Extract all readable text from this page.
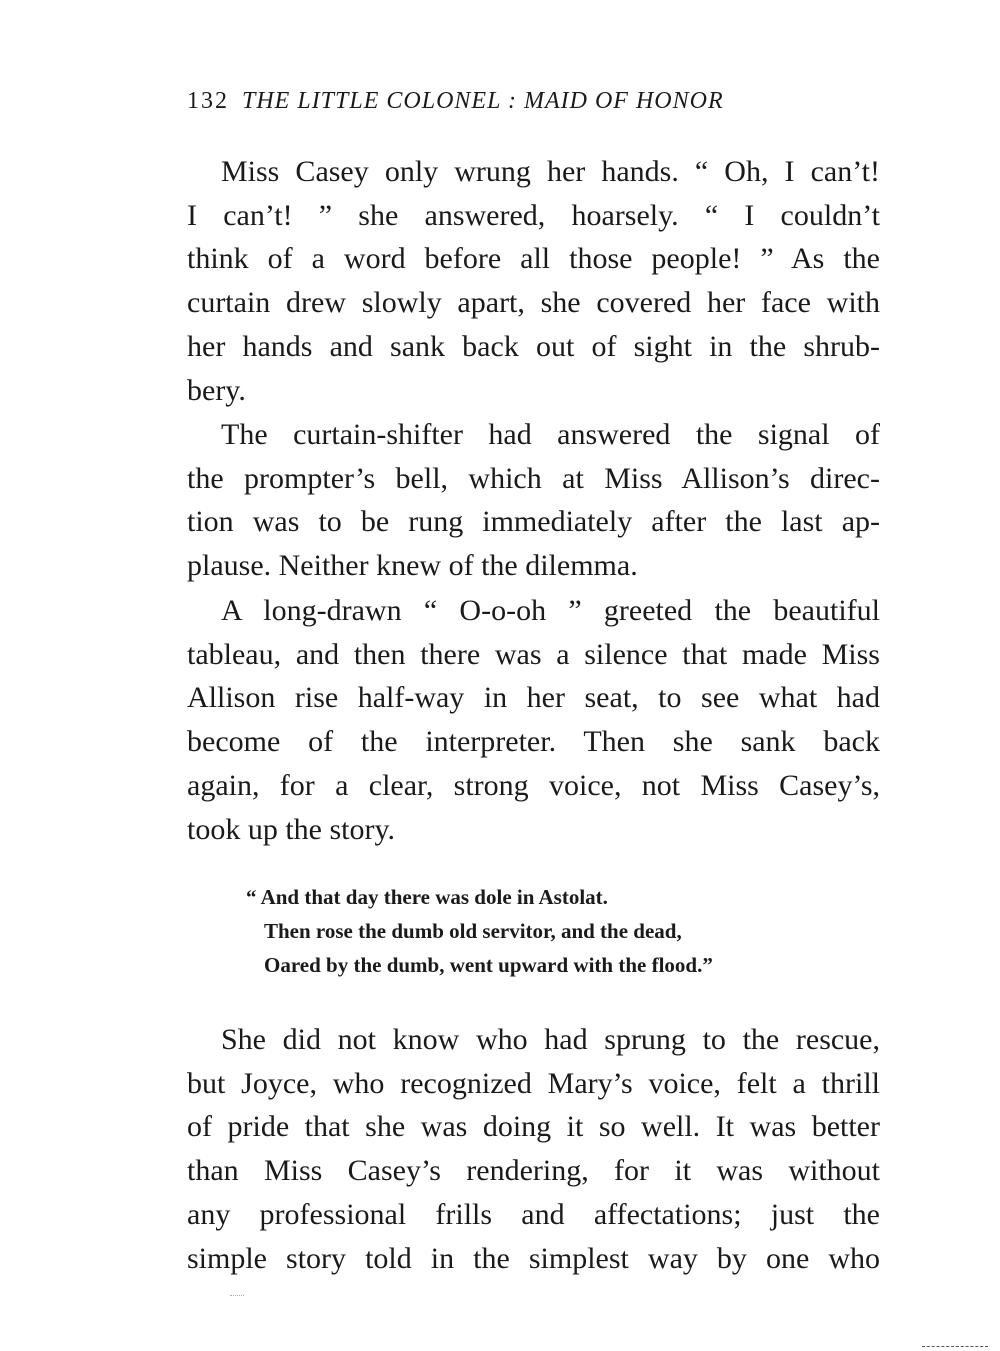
132 THE LITTLE COLONEL : MAID OF HONOR

Miss Casey only wrung her hands. “ Oh, I can’t!
I can’t! ” she answered, hoarsely. “ I couldn’t
think of a word before all those people! ” As the
curtain drew slowly apart, she covered her face with
her hands and sank back out of sight in the shrub-
bery.

The curtain-shifter had answered the signal of
the prompter’s bell, which at Miss Allison’s direc-
tion was to be rung immediately after the last ap-
plause. Neither knew of the dilemma.

A long-drawn “ O-o-oh ” greeted the beautiful
tableau, and then there was a silence that made Miss
Allison rise half-way in her seat, to see what had
become of the interpreter. Then she sank back
again, for a clear, strong voice, not Miss Casey’s,
took up the story.

“ And that day there was dole in Astolat.
Then rose the dumb old servitor, and the dead,
Oared by the dumb, went upward with the flood.”

She did not know who had sprung to the rescue,
but Joyce, who recognized Mary’s voice, felt a thrill
of pride that she was doing it so well. It was better
than Miss Casey’s rendering, for it was without
any professional frills and affectations; just the
simple story told in the simplest way by one who
